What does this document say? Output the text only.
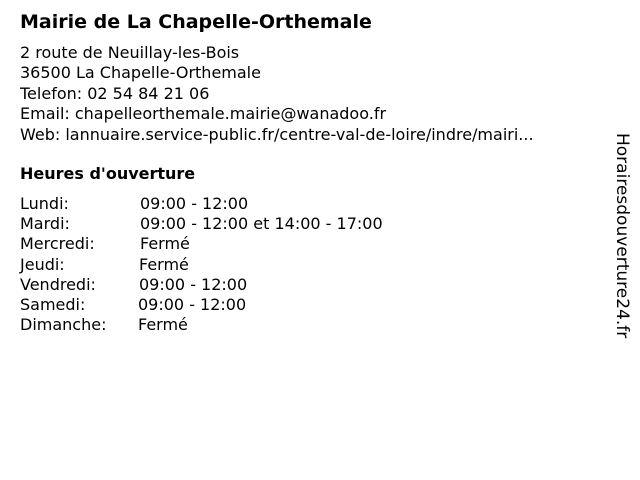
Mairie de La Chapelle-Orthemale
2 route de Neuillay-les-Bois
36500 La Chapelle-Orthemale
Telefon: 02 54 84 21 06
Email: chapelleorthemale.mairie@wanadoo.fr
Web: lannuaire.service-public.fr/centre-val-de-loire/indre/mairi...
Heures d'ouverture
Lundi:	09:00 - 12:00
Mardi:	09:00 - 12:00 et 14:00 - 17:00
Mercredi:	Fermé
Jeudi:	Fermé
Vendredi:	09:00 - 12:00
Samedi:	09:00 - 12:00
Dimanche:	Fermé	Horairesdouverture24.fr
